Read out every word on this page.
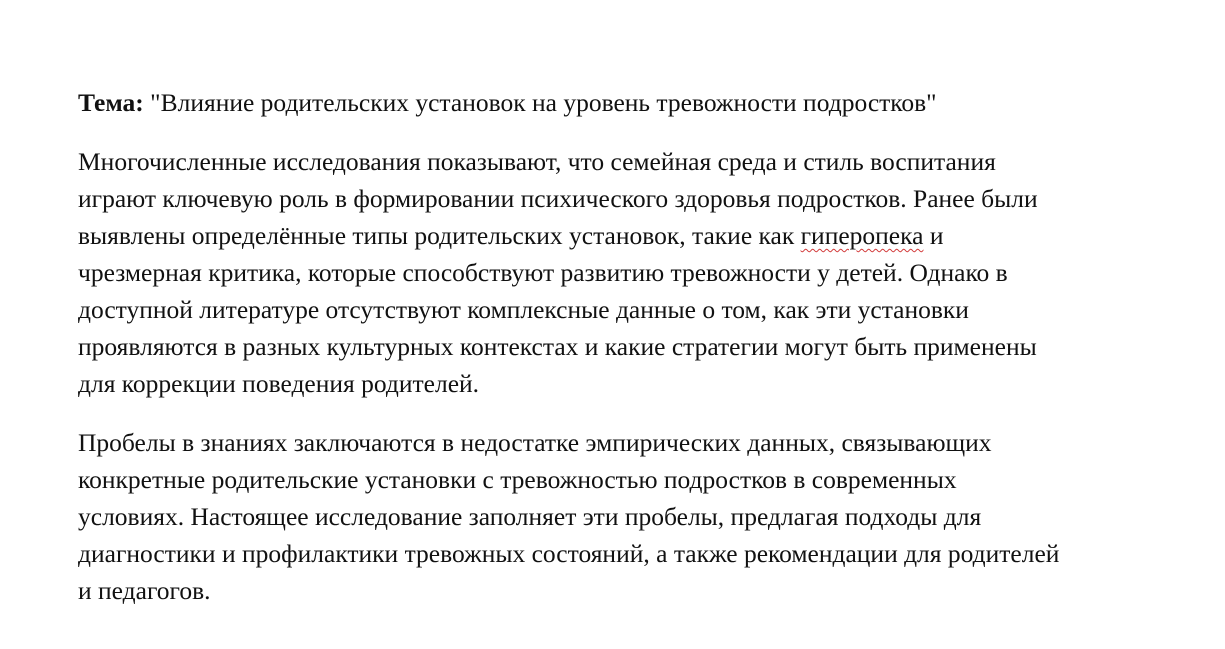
Тема: "Влияние родительских установок на уровень тревожности подростков"

Многочисленные исследования показывают, что семейная среда и стиль воспитания
играют ключевую роль в формировании психического здоровья подростков. Ранее были
выявлены определённые типы родительских установок, такие как гиперопека и
чрезмерная критика, которые способствуют развитию тревожности у детей. Однако в
доступной литературе отсутствуют комплексные данные о том, как эти установки
проявляются в разных культурных контекстах и какие стратегии могут быть применены
для коррекции поведения родителей.

Пробелы в знаниях заключаются в недостатке эмпирических данных, связывающих
конкретные родительские установки с тревожностью подростков в современных
условиях. Настоящее исследование заполняет эти пробелы, предлагая подходы для
диагностики и профилактики тревожных состояний, а также рекомендации для родителей
и педагогов.
